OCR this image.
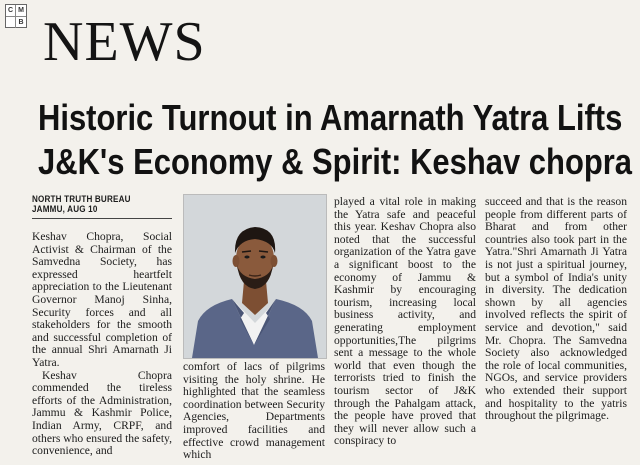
C M
B NEWS
Historic Turnout in Amarnath Yatra Lifts
J&K's Economy & Spirit: Keshav chopra
NORTH TRUTH BUREAU
JAMMU, AUG 10

Keshav Chopra, Social Activist & Chairman of the Samvedna Society, has expressed heartfelt appreciation to the Lieutenant Governor Manoj Sinha, Security forces and all stakeholders for the smooth and successful completion of the annual Shri Amarnath Ji Yatra.

Keshav Chopra commended the tireless efforts of the Administration, Jammu & Kashmir Police, Indian Army, CRPF, and others who ensured the safety, convenience, and

comfort of lacs of pilgrims visiting the holy shrine. He highlighted that the seamless coordination between Security Agencies, Departments improved facilities and effective crowd management which
played a vital role in making the Yatra safe and peaceful this year. Keshav Chopra also noted that the successful organization of the Yatra gave a significant boost to the economy of Jammu & Kashmir by encouraging tourism, increasing local business activity, and generating employment opportunities,The pilgrims sent a message to the whole world that even though the terrorists tried to finish the tourism sector of J&K through the Pahalgam attack, the people have proved that they will never allow such a conspiracy to
succeed and that is the reason people from different parts of Bharat and from other countries also took part in the Yatra."Shri Amarnath Ji Yatra is not just a spiritual journey, but a symbol of India's unity in diversity. The dedication shown by all agencies involved reflects the spirit of service and devotion," said Mr. Chopra. The Samvedna Society also acknowledged the role of local communities, NGOs, and service providers who extended their support and hospitality to the yatris throughout the pilgrimage.
